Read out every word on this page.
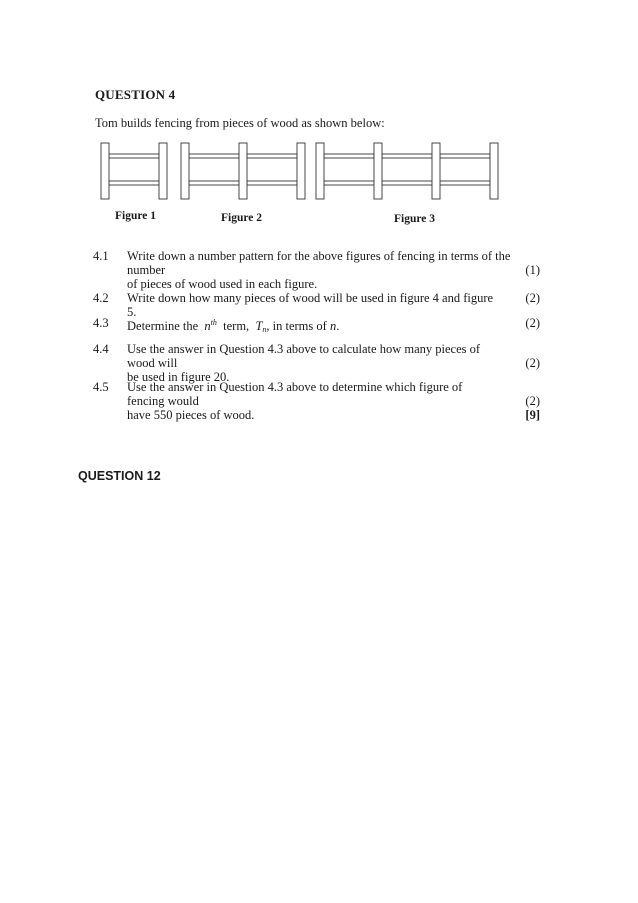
QUESTION 4
Tom builds fencing from pieces of wood as shown below:
Figure 1	Figure 2	Figure 3
4.1 Write down a number pattern for the above figures of fencing in terms of the number
of pieces of wood used in each figure.
(1)
4.2 Write down how many pieces of wood will be used in figure 4 and figure 5.
(2)
4.3 Determine the $n^{th}$ term, $T_n$, in terms of n.	(2)
4.4 Use the answer in Question 4.3 above to calculate how many pieces of wood will
be used in figure 20.
(2)
4.5 Use the answer in Question 4.3 above to determine which figure of fencing would
have 550 pieces of wood.
(2)
[9]
QUESTION 12
